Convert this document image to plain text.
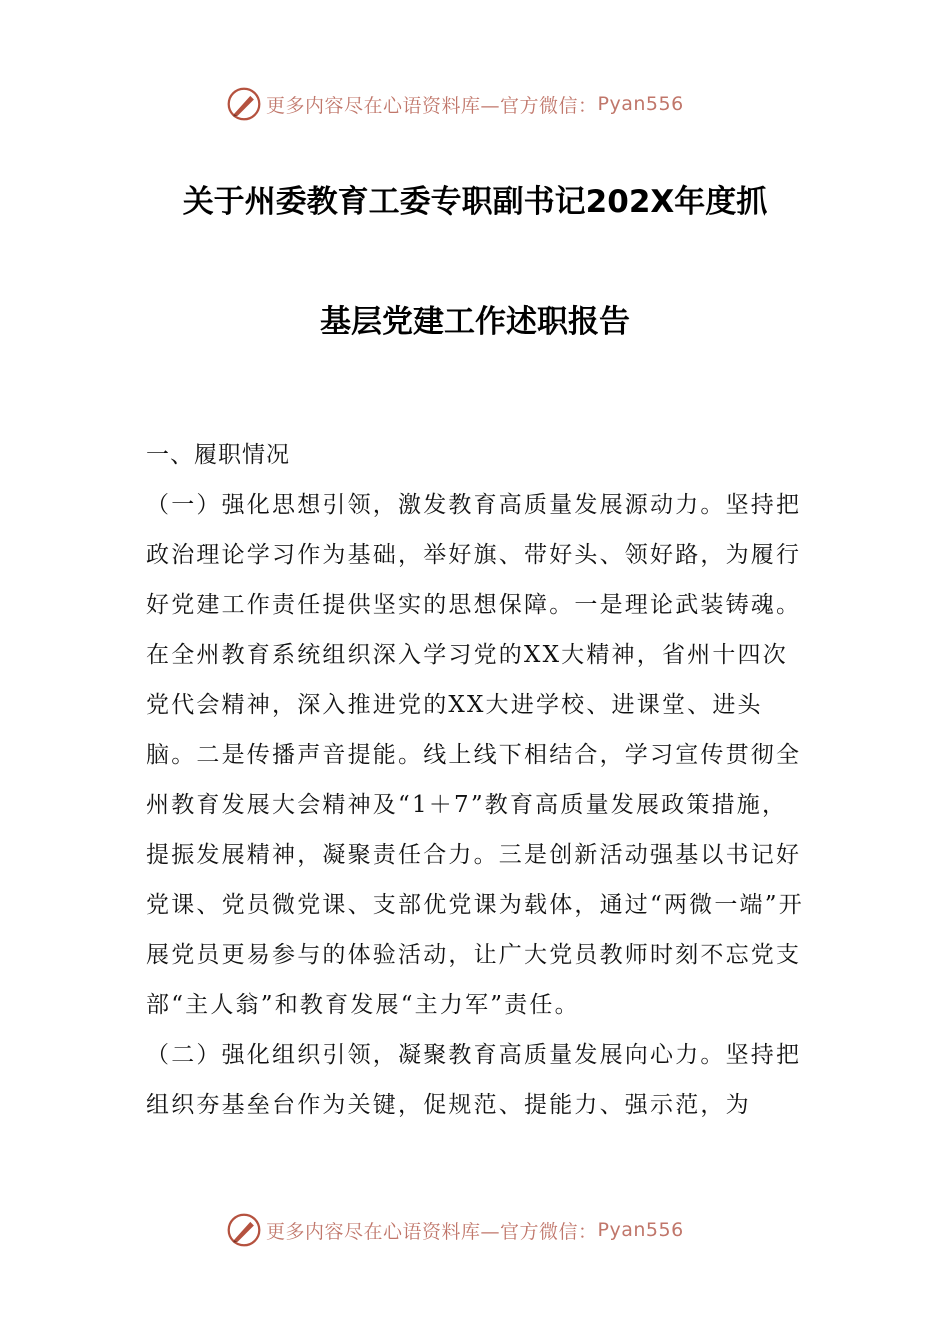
更多内容尽在心语资料库—官方微信： Pyan556
关于州委教育工委专职副书记202X年度抓
基层党建工作述职报告

一、履职情况

（一）强化思想引领，激发教育高质量发展源动力。坚持把政治理论学习作为基础，举好旗、带好头、领好路，为履行好党建工作责任提供坚实的思想保障。一是理论武装铸魂。在全州教育系统组织深入学习党的XX大精神，省州十四次党代会精神，深入推进党的XX大进学校、进课堂、进头脑。二是传播声音提能。线上线下相结合，学习宣传贯彻全州教育发展大会精神及“1＋7”教育高质量发展政策措施，提振发展精神，凝聚责任合力。三是创新活动强基以书记好党课、党员微党课、支部优党课为载体，通过“两微一端”开展党员更易参与的体验活动，让广大党员教师时刻不忘党支部“主人翁”和教育发展“主力军”责任。

（二）强化组织引领，凝聚教育高质量发展向心力。坚持把组织夯基垒台作为关键，促规范、提能力、强示范，为

更多内容尽在心语资料库—官方微信： Pyan556
